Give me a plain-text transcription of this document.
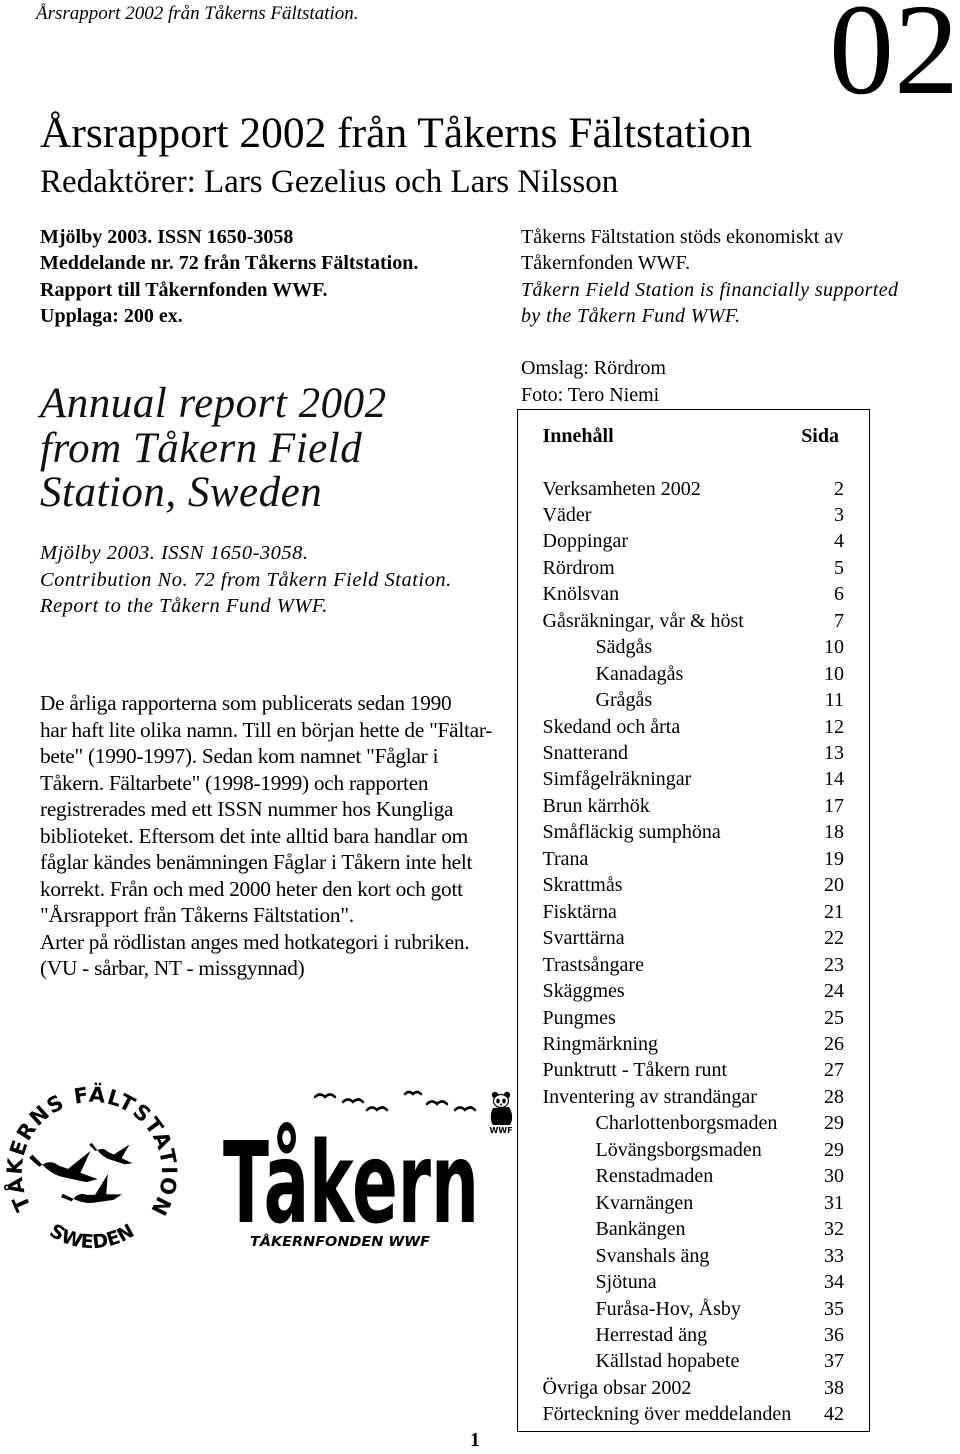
Årsrapport 2002 från Tåkerns Fältstation.	02
Årsrapport 2002 från Tåkerns Fältstation
Redaktörer: Lars Gezelius och Lars Nilsson
Mjölby 2003. ISSN 1650-3058
Meddelande nr. 72 från Tåkerns Fältstation.
Rapport till Tåkernfonden WWF.
Upplaga: 200 ex.
Tåkerns Fältstation stöds ekonomiskt av
Tåkernfonden WWF.
Tåkern Field Station is financially supported
by the Tåkern Fund WWF.
Omslag: Rördrom
Foto: Tero Niemi
Annual report 2002
from Tåkern Field
Station, Sweden
Mjölby 2003. ISSN 1650-3058.
Contribution No. 72 from Tåkern Field Station.
Report to the Tåkern Fund WWF.
De årliga rapporterna som publicerats sedan 1990
har haft lite olika namn. Till en början hette de "Fältar-
bete" (1990-1997). Sedan kom namnet "Fåglar i
Tåkern. Fältarbete" (1998-1999) och rapporten
registrerades med ett ISSN nummer hos Kungliga
biblioteket. Eftersom det inte alltid bara handlar om
fåglar kändes benämningen Fåglar i Tåkern inte helt
korrekt. Från och med 2000 heter den kort och gott
"Årsrapport från Tåkerns Fältstation".
Arter på rödlistan anges med hotkategori i rubriken.
(VU - sårbar, NT - missgynnad)
Innehåll	Sida
Verksamheten 2002	2
Väder	3
Doppingar	4
Rördrom	5
Knölsvan	6
Gåsräkningar, vår & höst	7
Sädgås	10
Kanadagås	10
Grågås	11
Skedand och årta	12
Snatterand	13
Simfågelräkningar	14
Brun kärrhök	17
Småfläckig sumphöna	18
Trana	19
Skrattmås	20
Fisktärna	21
Svarttärna	22
Trastsångare	23
Skäggmes	24
Pungmes	25
Ringmärkning	26
Punktrutt - Tåkern runt	27
Inventering av strandängar	28
Charlottenborgsmaden 29
Lövängsborgsmaden	29
Renstadmaden	30
Kvarnängen	31
Bankängen	32
Svanshals äng	33
Sjötuna	34
Furåsa-Hov, Åsby	35
Herrestad äng	36
Källstad hopabete	37
Övriga obsar 2002	38
Förteckning över meddelanden 42
TÅKERNS FÄLTSTATION
SWEDEN Tåkern
TÅKERNFONDEN WWF
WWF
1
